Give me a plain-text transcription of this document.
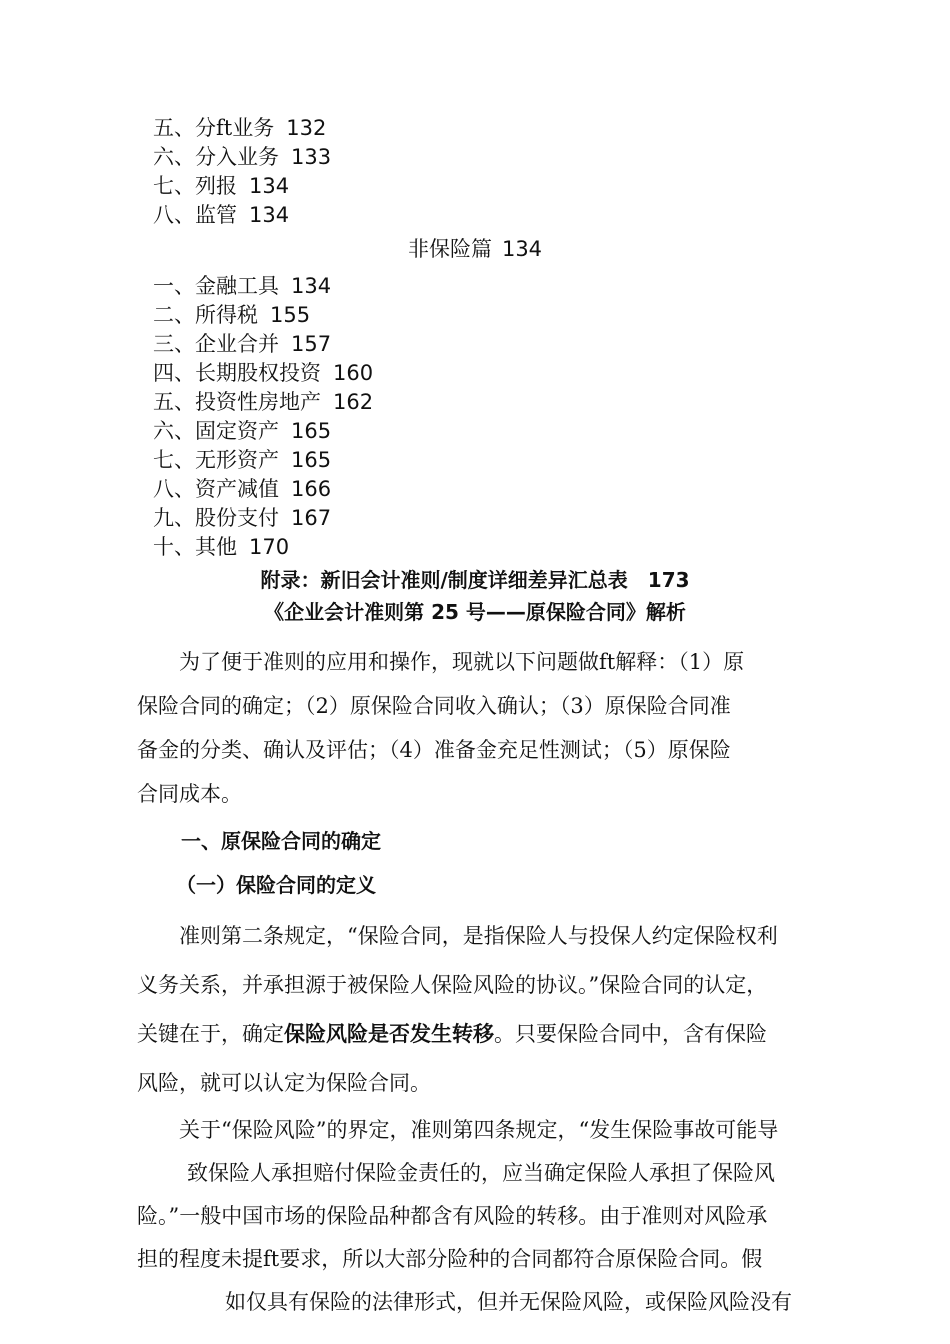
五、分ft业务 132
六、分入业务 133
七、列报 134
八、监管 134
非保险篇 134
一、金融工具 134
二、所得税 155
三、企业合并 157
四、长期股权投资 160
五、投资性房地产 162
六、固定资产 165
七、无形资产 165
八、资产减值 166
九、股份支付 167
十、其他 170
附录：新旧会计准则/制度详细差异汇总表　173
《企业会计准则第 25 号——原保险合同》解析
　　为了便于准则的应用和操作，现就以下问题做ft解释：（1）原
保险合同的确定；（2）原保险合同收入确认；（3）原保险合同准
备金的分类、确认及评估；（4）准备金充足性测试；（5）原保险
合同成本。
一、原保险合同的确定
（一）保险合同的定义
　　准则第二条规定，“保险合同，是指保险人与投保人约定保险权利
义务关系，并承担源于被保险人保险风险的协议。”保险合同的认定，
关键在于，确定保险风险是否发生转移。只要保险合同中，含有保险
风险，就可以认定为保险合同。
　　关于“保险风险”的界定，准则第四条规定，“发生保险事故可能导
　致保险人承担赔付保险金责任的，应当确定保险人承担了保险风
险。”一般中国市场的保险品种都含有风险的转移。由于准则对风险承
担的程度未提ft要求，所以大部分险种的合同都符合原保险合同。假
　如仅具有保险的法律形式，但并无保险风险，或保险风险没有
